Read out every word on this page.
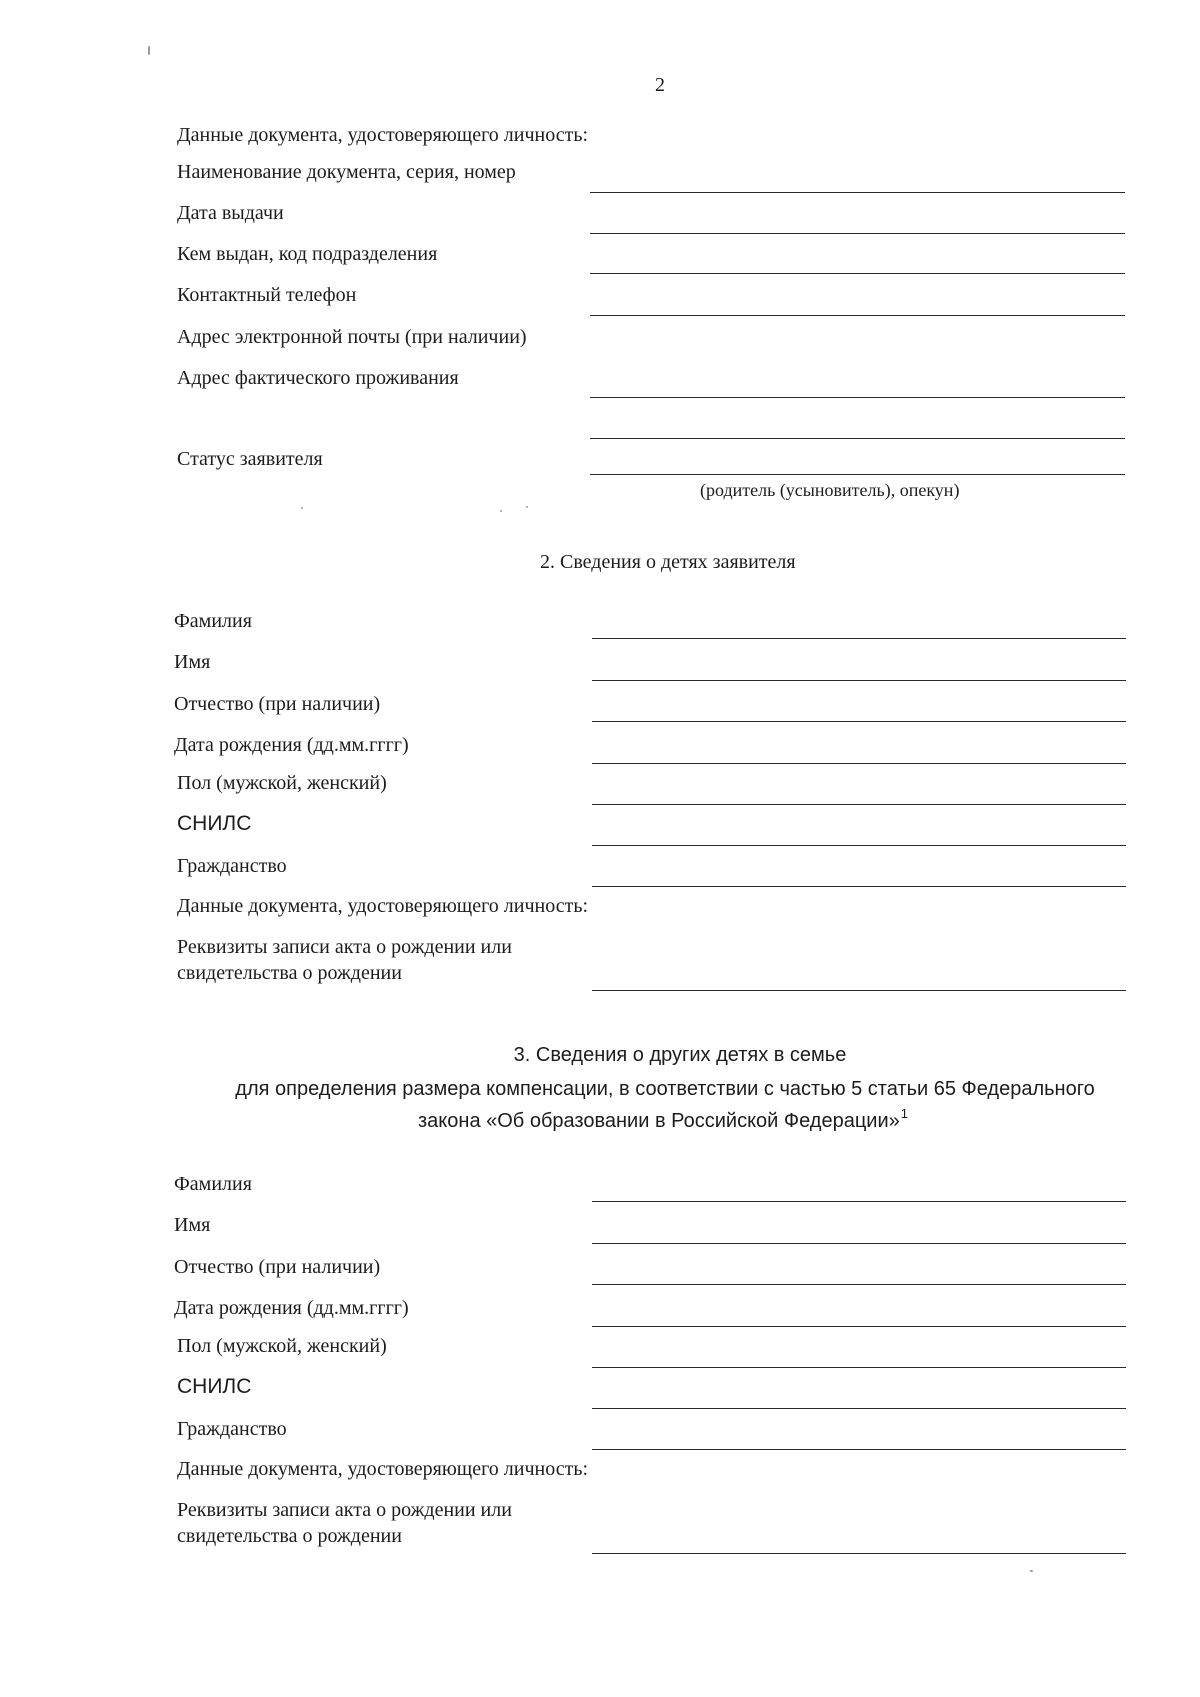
2
Данные документа, удостоверяющего личность:
Наименование документа, серия, номер
Дата выдачи
Кем выдан, код подразделения
Контактный телефон
Адрес электронной почты (при наличии)
Адрес фактического проживания
Статус заявителя
(родитель (усыновитель), опекун)
2. Сведения о детях заявителя
Фамилия
Имя
Отчество (при наличии)
Дата рождения (дд.мм.гггг)
Пол (мужской, женский)
СНИЛС
Гражданство
Данные документа, удостоверяющего личность:
Реквизиты записи акта о рождении или
свидетельства о рождении
3. Сведения о других детях в семье
для определения размера компенсации, в соответствии с частью 5 статьи 65 Федерального
закона «Об образовании в Российской Федерации»$^1$
Фамилия
Имя
Отчество (при наличии)
Дата рождения (дд.мм.гггг)
Пол (мужской, женский)
СНИЛС
Гражданство
Данные документа, удостоверяющего личность:
Реквизиты записи акта о рождении или
свидетельства о рождении
